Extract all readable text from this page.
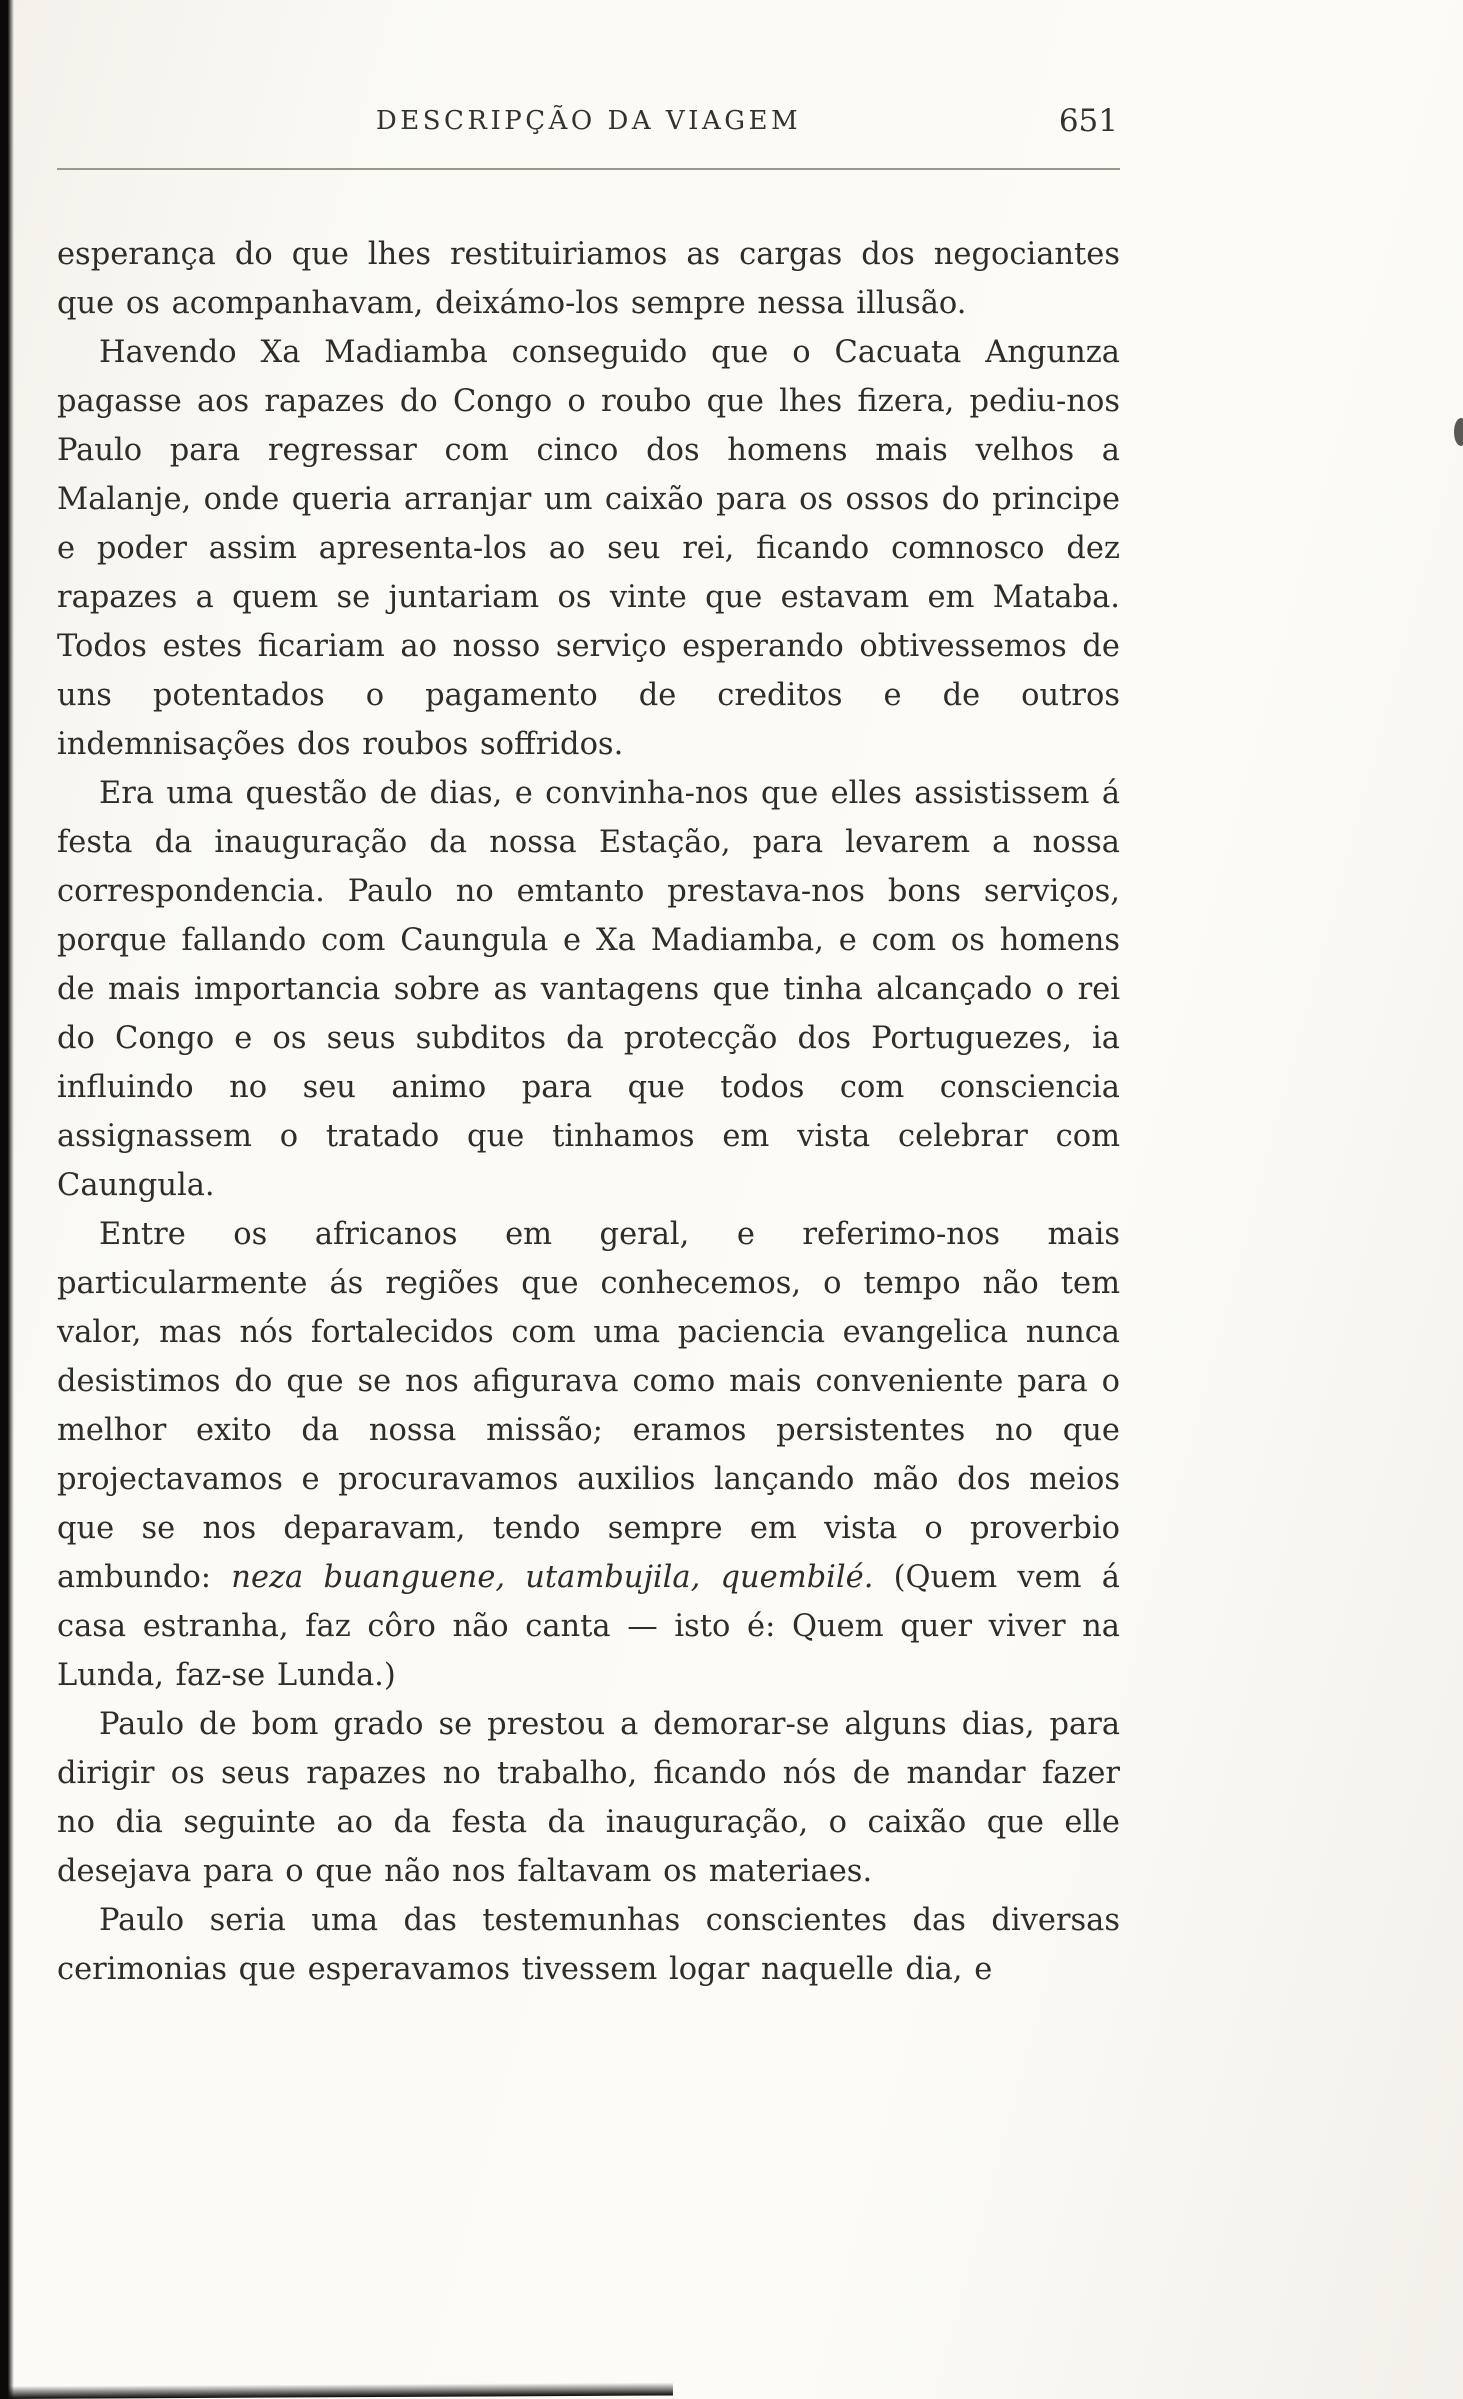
DESCRIPÇÃO DA VIAGEM	651

esperança do que lhes restituiriamos as cargas dos negociantes que os acompanhavam, deixámo-los sempre nessa illusão.

Havendo Xa Madiamba conseguido que o Cacuata Angunza pagasse aos rapazes do Congo o roubo que lhes fizera, pediu-nos Paulo para regressar com cinco dos homens mais velhos a Malanje, onde queria arranjar um caixão para os ossos do principe e poder assim apresenta-los ao seu rei, ficando comnosco dez rapazes a quem se juntariam os vinte que estavam em Mataba. Todos estes ficariam ao nosso serviço esperando obtivessemos de uns potentados o pagamento de creditos e de outros indemnisações dos roubos soffridos.

Era uma questão de dias, e convinha-nos que elles assistissem á festa da inauguração da nossa Estação, para levarem a nossa correspondencia. Paulo no emtanto prestava-nos bons serviços, porque fallando com Caungula e Xa Madiamba, e com os homens de mais importancia sobre as vantagens que tinha alcançado o rei do Congo e os seus subditos da protecção dos Portuguezes, ia influindo no seu animo para que todos com consciencia assignassem o tratado que tinhamos em vista celebrar com Caungula.

Entre os africanos em geral, e referimo-nos mais particularmente ás regiões que conhecemos, o tempo não tem valor, mas nós fortalecidos com uma paciencia evangelica nunca desistimos do que se nos afigurava como mais conveniente para o melhor exito da nossa missão; eramos persistentes no que projectavamos e procuravamos auxilios lançando mão dos meios que se nos deparavam, tendo sempre em vista o proverbio ambundo: neza buanguene, utambujila, quembilé. (Quem vem á casa estranha, faz côro não canta — isto é: Quem quer viver na Lunda, faz-se Lunda.)

Paulo de bom grado se prestou a demorar-se alguns dias, para dirigir os seus rapazes no trabalho, ficando nós de mandar fazer no dia seguinte ao da festa da inauguração, o caixão que elle desejava para o que não nos faltavam os materiaes.

Paulo seria uma das testemunhas conscientes das diversas cerimonias que esperavamos tivessem logar naquelle dia, e
